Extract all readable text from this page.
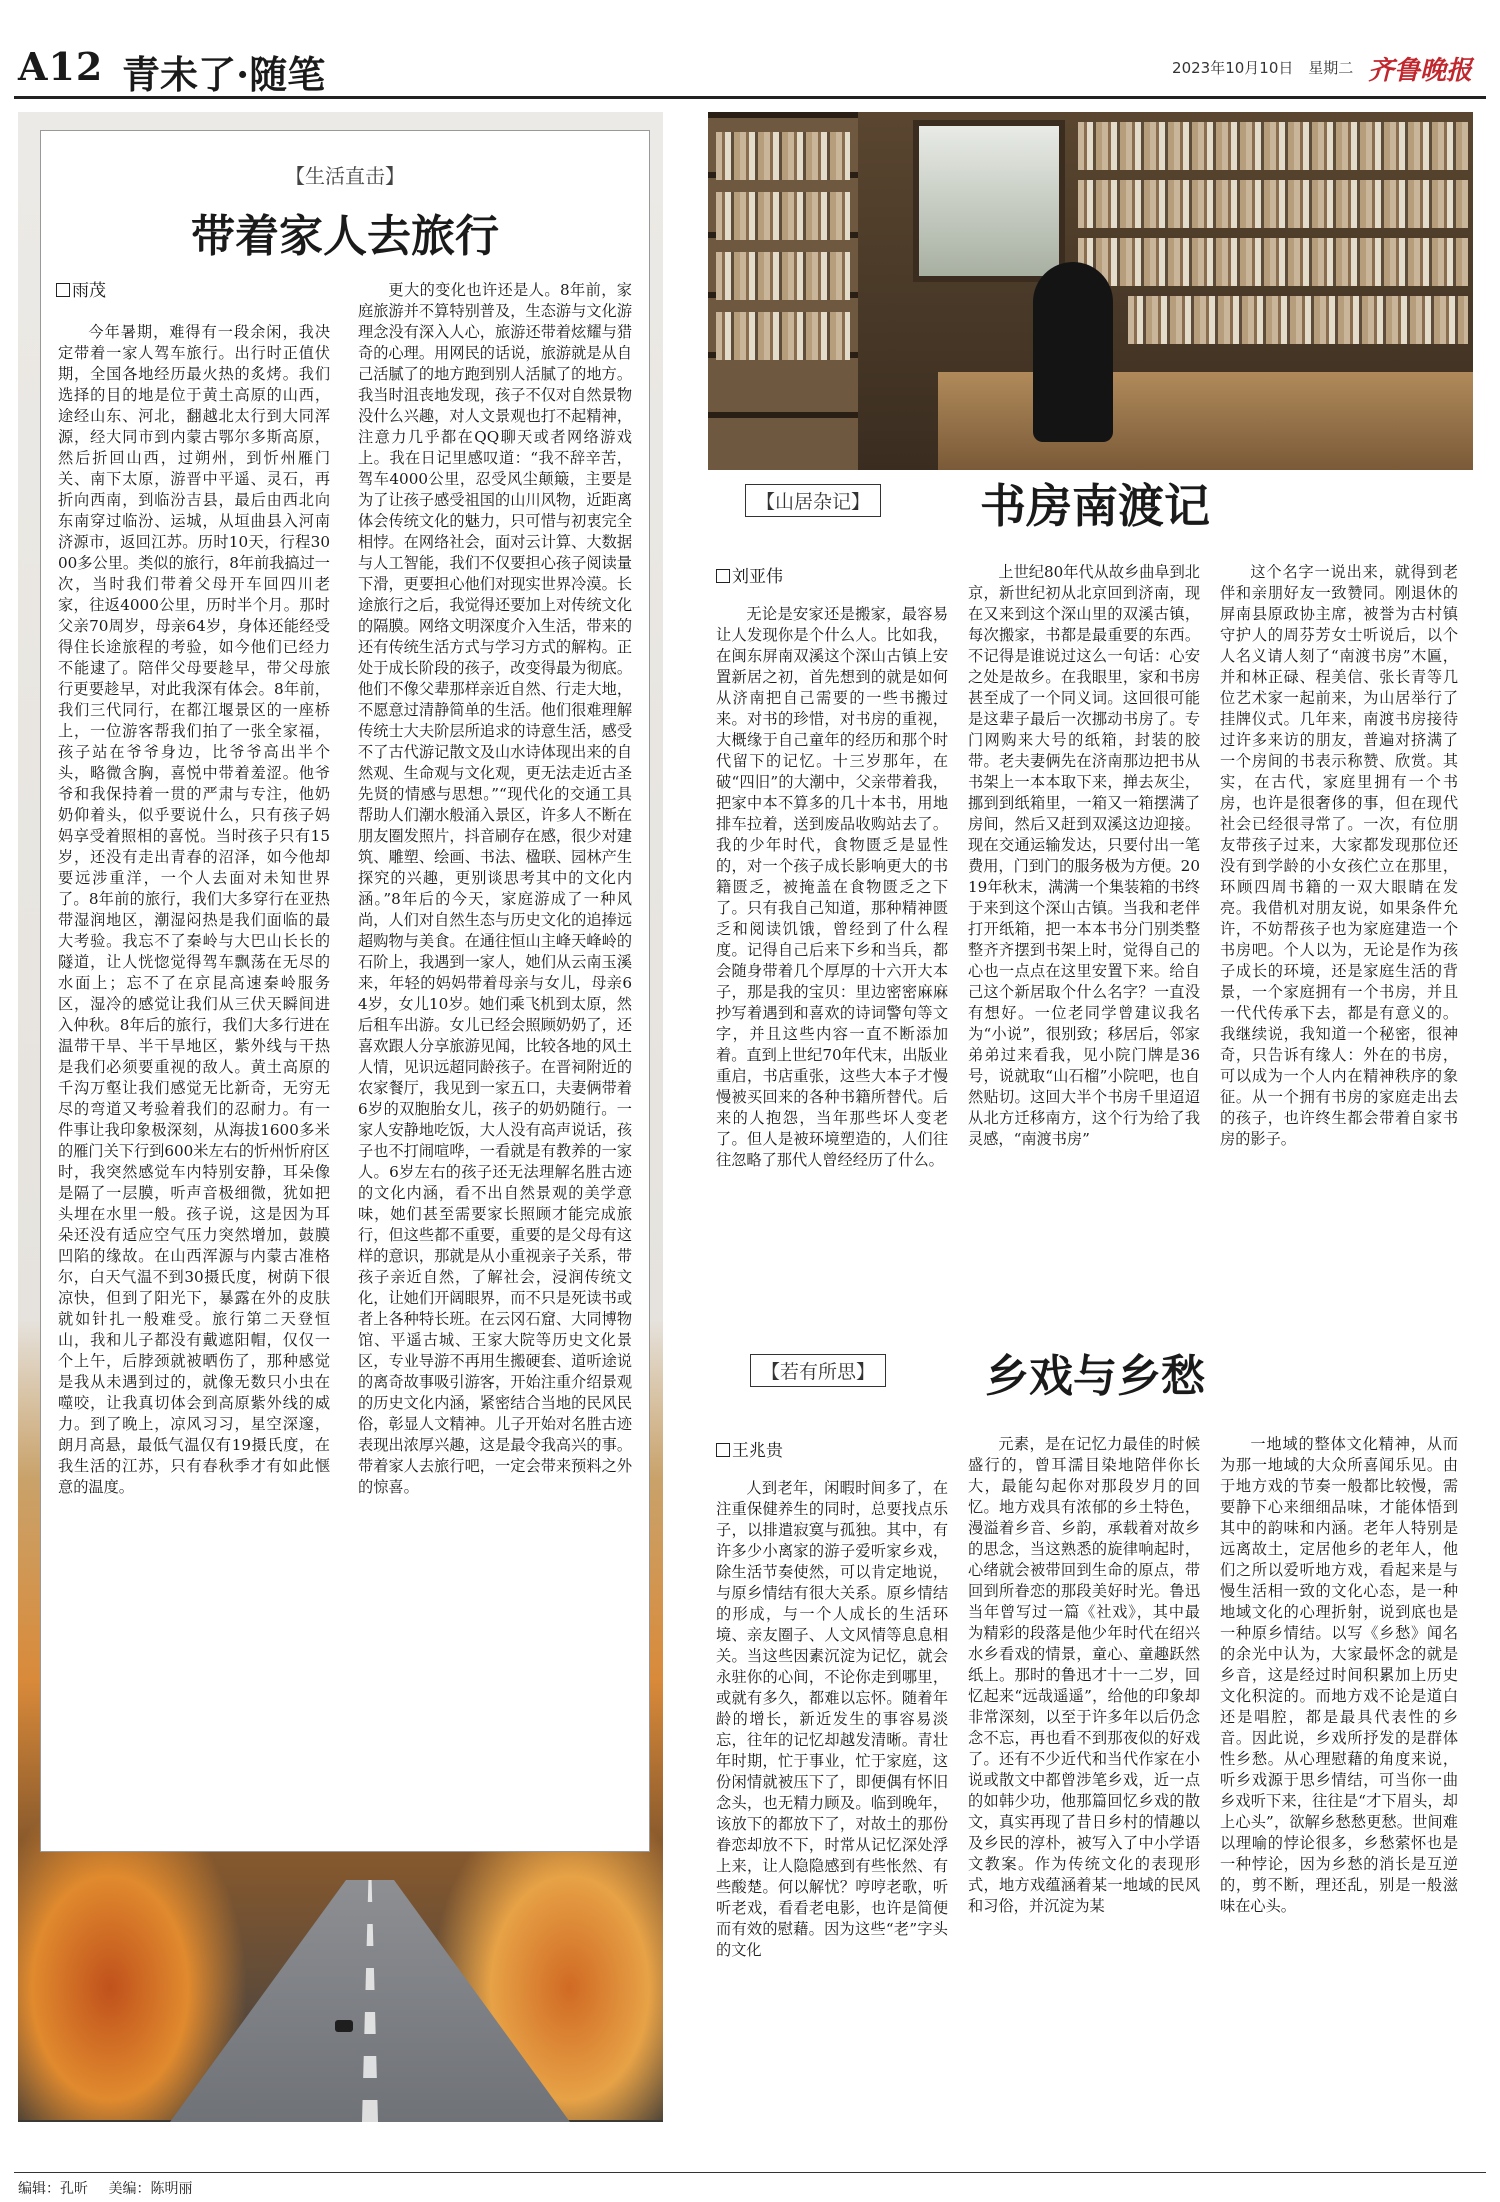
A12 青未了·随笔	2023年10月10日 星期二 齐鲁晚报
【生活直击】
带着家人去旅行
雨茂
今年暑期，难得有一段余闲，我决定带着一家人驾车旅行。出行时正值伏期，全国各地经历最火热的炙烤。我们选择的目的地是位于黄土高原的山西，途经山东、河北，翻越北太行到大同浑源，经大同市到内蒙古鄂尔多斯高原，然后折回山西，过朔州，到忻州雁门关、南下太原，游晋中平遥、灵石，再折向西南，到临汾吉县，最后由西北向东南穿过临汾、运城，从垣曲县入河南济源市，返回江苏。历时10天，行程3000多公里。类似的旅行，8年前我搞过一次，当时我们带着父母开车回四川老家，往返4000公里，历时半个月。那时父亲70周岁，母亲64岁，身体还能经受得住长途旅程的考验，如今他们已经力不能逮了。陪伴父母要趁早，带父母旅行更要趁早，对此我深有体会。8年前，我们三代同行，在都江堰景区的一座桥上，一位游客帮我们拍了一张全家福，孩子站在爷爷身边，比爷爷高出半个头，略微含胸，喜悦中带着羞涩。他爷爷和我保持着一贯的严肃与专注，他奶奶仰着头，似乎要说什么，只有孩子妈妈享受着照相的喜悦。当时孩子只有15岁，还没有走出青春的沼泽，如今他却要远涉重洋，一个人去面对未知世界了。8年前的旅行，我们大多穿行在亚热带湿润地区，潮湿闷热是我们面临的最大考验。我忘不了秦岭与大巴山长长的隧道，让人恍惚觉得驾车飘荡在无尽的水面上；忘不了在京昆高速秦岭服务区，湿冷的感觉让我们从三伏天瞬间进入仲秋。8年后的旅行，我们大多行进在温带干旱、半干旱地区，紫外线与干热是我们必须要重视的敌人。黄土高原的千沟万壑让我们感觉无比新奇，无穷无尽的弯道又考验着我们的忍耐力。有一件事让我印象极深刻，从海拔1600多米的雁门关下行到600米左右的忻州忻府区时，我突然感觉车内特别安静，耳朵像是隔了一层膜，听声音极细微，犹如把头埋在水里一般。孩子说，这是因为耳朵还没有适应空气压力突然增加，鼓膜凹陷的缘故。在山西浑源与内蒙古准格尔，白天气温不到30摄氏度，树荫下很凉快，但到了阳光下，暴露在外的皮肤就如针扎一般难受。旅行第二天登恒山，我和儿子都没有戴遮阳帽，仅仅一个上午，后脖颈就被晒伤了，那种感觉是我从未遇到过的，就像无数只小虫在噬咬，让我真切体会到高原紫外线的威力。到了晚上，凉风习习，星空深邃，朗月高悬，最低气温仅有19摄氏度，在我生活的江苏，只有春秋季才有如此惬意的温度。
更大的变化也许还是人。8年前，家庭旅游并不算特别普及，生态游与文化游理念没有深入人心，旅游还带着炫耀与猎奇的心理。用网民的话说，旅游就是从自己活腻了的地方跑到别人活腻了的地方。我当时沮丧地发现，孩子不仅对自然景物没什么兴趣，对人文景观也打不起精神，注意力几乎都在QQ聊天或者网络游戏上。我在日记里感叹道：“我不辞辛苦，驾车4000公里，忍受风尘颠簸，主要是为了让孩子感受祖国的山川风物，近距离体会传统文化的魅力，只可惜与初衷完全相悖。在网络社会，面对云计算、大数据与人工智能，我们不仅要担心孩子阅读量下滑，更要担心他们对现实世界冷漠。长途旅行之后，我觉得还要加上对传统文化的隔膜。网络文明深度介入生活，带来的还有传统生活方式与学习方式的解构。正处于成长阶段的孩子，改变得最为彻底。他们不像父辈那样亲近自然、行走大地，不愿意过清静简单的生活。他们很难理解传统士大夫阶层所追求的诗意生活，感受不了古代游记散文及山水诗体现出来的自然观、生命观与文化观，更无法走近古圣先贤的情感与思想。”“现代化的交通工具帮助人们潮水般涌入景区，许多人不断在朋友圈发照片，抖音刷存在感，很少对建筑、雕塑、绘画、书法、楹联、园林产生探究的兴趣，更别谈思考其中的文化内涵。”8年后的今天，家庭游成了一种风尚，人们对自然生态与历史文化的追捧远超购物与美食。在通往恒山主峰天峰岭的石阶上，我遇到一家人，她们从云南玉溪来，年轻的妈妈带着母亲与女儿，母亲64岁，女儿10岁。她们乘飞机到太原，然后租车出游。女儿已经会照顾奶奶了，还喜欢跟人分享旅游见闻，比较各地的风土人情，见识远超同龄孩子。在晋祠附近的农家餐厅，我见到一家五口，夫妻俩带着6岁的双胞胎女儿，孩子的奶奶随行。一家人安静地吃饭，大人没有高声说话，孩子也不打闹喧哗，一看就是有教养的一家人。6岁左右的孩子还无法理解名胜古迹的文化内涵，看不出自然景观的美学意味，她们甚至需要家长照顾才能完成旅行，但这些都不重要，重要的是父母有这样的意识，那就是从小重视亲子关系，带孩子亲近自然，了解社会，浸润传统文化，让她们开阔眼界，而不只是死读书或者上各种特长班。在云冈石窟、大同博物馆、平遥古城、王家大院等历史文化景区，专业导游不再用生搬硬套、道听途说的离奇故事吸引游客，开始注重介绍景观的历史文化内涵，紧密结合当地的民风民俗，彰显人文精神。儿子开始对名胜古迹表现出浓厚兴趣，这是最令我高兴的事。带着家人去旅行吧，一定会带来预料之外的惊喜。
【山居杂记】 书房南渡记
刘亚伟
无论是安家还是搬家，最容易让人发现你是个什么人。比如我，在闽东屏南双溪这个深山古镇上安置新居之初，首先想到的就是如何从济南把自己需要的一些书搬过来。对书的珍惜，对书房的重视，大概缘于自己童年的经历和那个时代留下的记忆。十三岁那年，在破“四旧”的大潮中，父亲带着我，把家中本不算多的几十本书，用地排车拉着，送到废品收购站去了。我的少年时代，食物匮乏是显性的，对一个孩子成长影响更大的书籍匮乏，被掩盖在食物匮乏之下了。只有我自己知道，那种精神匮乏和阅读饥饿，曾经到了什么程度。记得自己后来下乡和当兵，都会随身带着几个厚厚的十六开大本子，那是我的宝贝：里边密密麻麻抄写着遇到和喜欢的诗词警句等文字，并且这些内容一直不断添加着。直到上世纪70年代末，出版业重启，书店重张，这些大本子才慢慢被买回来的各种书籍所替代。后来的人抱怨，当年那些坏人变老了。但人是被环境塑造的，人们往往忽略了那代人曾经经历了什么。
上世纪80年代从故乡曲阜到北京，新世纪初从北京回到济南，现在又来到这个深山里的双溪古镇，每次搬家，书都是最重要的东西。不记得是谁说过这么一句话：心安之处是故乡。在我眼里，家和书房甚至成了一个同义词。这回很可能是这辈子最后一次挪动书房了。专门网购来大号的纸箱，封装的胶带。老夫妻俩先在济南那边把书从书架上一本本取下来，掸去灰尘，挪到到纸箱里，一箱又一箱摆满了房间，然后又赶到双溪这边迎接。现在交通运输发达，只要付出一笔费用，门到门的服务极为方便。2019年秋末，满满一个集装箱的书终于来到这个深山古镇。当我和老伴打开纸箱，把一本本书分门别类整整齐齐摆到书架上时，觉得自己的心也一点点在这里安置下来。给自己这个新居取个什么名字？一直没有想好。一位老同学曾建议我名为“小说”，很别致；移居后，邻家弟弟过来看我，见小院门牌是36号，说就取“山石榴”小院吧，也自然贴切。这回大半个书房千里迢迢从北方迁移南方，这个行为给了我灵感，“南渡书房”
这个名字一说出来，就得到老伴和亲朋好友一致赞同。刚退休的屏南县原政协主席，被誉为古村镇守护人的周芬芳女士听说后，以个人名义请人刻了“南渡书房”木匾，并和林正碌、程美信、张长青等几位艺术家一起前来，为山居举行了挂牌仪式。几年来，南渡书房接待过许多来访的朋友，普遍对挤满了一个房间的书表示称赞、欣赏。其实，在古代，家庭里拥有一个书房，也许是很奢侈的事，但在现代社会已经很寻常了。一次，有位朋友带孩子过来，大家都发现那位还没有到学龄的小女孩伫立在那里，环顾四周书籍的一双大眼睛在发亮。我借机对朋友说，如果条件允许，不妨帮孩子也为家庭建造一个书房吧。个人以为，无论是作为孩子成长的环境，还是家庭生活的背景，一个家庭拥有一个书房，并且一代代传承下去，都是有意义的。我继续说，我知道一个秘密，很神奇，只告诉有缘人：外在的书房，可以成为一个人内在精神秩序的象征。从一个拥有书房的家庭走出去的孩子，也许终生都会带着自家书房的影子。
【若有所思】 乡戏与乡愁
王兆贵
人到老年，闲暇时间多了，在注重保健养生的同时，总要找点乐子，以排遣寂寞与孤独。其中，有许多少小离家的游子爱听家乡戏，除生活节奏使然，可以肯定地说，与原乡情结有很大关系。原乡情结的形成，与一个人成长的生活环境、亲友圈子、人文风情等息息相关。当这些因素沉淀为记忆，就会永驻你的心间，不论你走到哪里，或就有多久，都难以忘怀。随着年龄的增长，新近发生的事容易淡忘，往年的记忆却越发清晰。青壮年时期，忙于事业，忙于家庭，这份闲情就被压下了，即便偶有怀旧念头，也无精力顾及。临到晚年，该放下的都放下了，对故土的那份眷恋却放不下，时常从记忆深处浮上来，让人隐隐感到有些怅然、有些酸楚。何以解忧？哼哼老歌，听听老戏，看看老电影，也许是简便而有效的慰藉。因为这些“老”字头的文化
元素，是在记忆力最佳的时候盛行的，曾耳濡目染地陪伴你长大，最能勾起你对那段岁月的回忆。地方戏具有浓郁的乡土特色，漫溢着乡音、乡韵，承载着对故乡的思念，当这熟悉的旋律响起时，心绪就会被带回到生命的原点，带回到所眷恋的那段美好时光。鲁迅当年曾写过一篇《社戏》，其中最为精彩的段落是他少年时代在绍兴水乡看戏的情景，童心、童趣跃然纸上。那时的鲁迅才十一二岁，回忆起来“远哉遥遥”，给他的印象却非常深刻，以至于许多年以后仍念念不忘，再也看不到那夜似的好戏了。还有不少近代和当代作家在小说或散文中都曾涉笔乡戏，近一点的如韩少功，他那篇回忆乡戏的散文，真实再现了昔日乡村的情趣以及乡民的淳朴，被写入了中小学语文教案。作为传统文化的表现形式，地方戏蕴涵着某一地域的民风和习俗，并沉淀为某
一地域的整体文化精神，从而为那一地域的大众所喜闻乐见。由于地方戏的节奏一般都比较慢，需要静下心来细细品味，才能体悟到其中的韵味和内涵。老年人特别是远离故土，定居他乡的老年人，他们之所以爱听地方戏，看起来是与慢生活相一致的文化心态，是一种地域文化的心理折射，说到底也是一种原乡情结。以写《乡愁》闻名的余光中认为，大家最怀念的就是乡音，这是经过时间积累加上历史文化积淀的。而地方戏不论是道白还是唱腔，都是最具代表性的乡音。因此说，乡戏所抒发的是群体性乡愁。从心理慰藉的角度来说，听乡戏源于思乡情结，可当你一曲乡戏听下来，往往是“才下眉头，却上心头”，欲解乡愁愁更愁。世间难以理喻的悖论很多，乡愁萦怀也是一种悖论，因为乡愁的消长是互逆的，剪不断，理还乱，别是一般滋味在心头。
编辑：孔昕 美编：陈明丽
